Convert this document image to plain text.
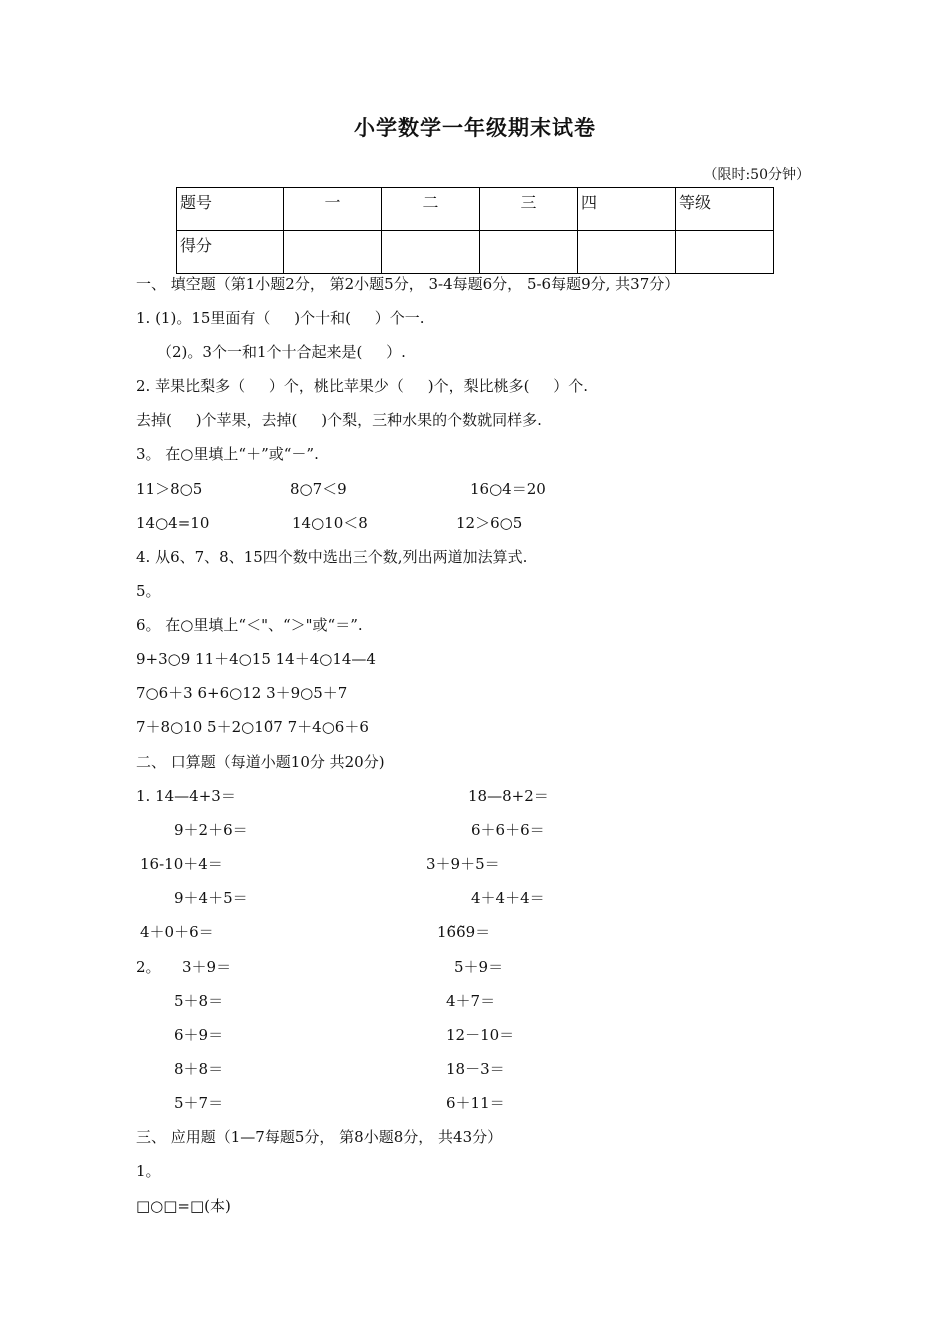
小学数学一年级期末试卷
（限时:50分钟）
题号	一	二	三	四	等级
得分					
一、 填空题（第1小题2分， 第2小题5分， 3-4每题6分， 5-6每题9分, 共37分）
1. (1)。15里面有（     )个十和(     ）个一.
（2)。3个一和1个十合起来是(     ）.
2. 苹果比梨多（     ）个，桃比苹果少（     )个，梨比桃多(     ）个.
去掉(     )个苹果，去掉(     )个梨，三种水果的个数就同样多.
3。 在○里填上“＋”或“－”.
11＞8○5	8○7＜9	16○4＝20
14○4=10	14○10＜8	12＞6○5
4. 从6、7、8、15四个数中选出三个数,列出两道加法算式.
5。
6。 在○里填上“＜"、“＞"或“＝”.
9+3○9 11＋4○15 14＋4○14—4
7○6＋3 6+6○12 3＋9○5＋7
7＋8○10 5＋2○10̃7 7＋4○6＋6
二、 口算题（每道小题10分 共20分)
1. 14—4+3＝	18—8+2＝
9＋2＋6＝	6＋6＋6＝
16-10＋4＝	3＋9＋5＝
9＋4＋5＝	4＋4＋4＝
4＋0＋6＝	16̃6̃9＝
2。 3＋9＝	5＋9＝
5＋8＝	4＋7＝
6＋9＝	12－10＝
8＋8＝	18－3＝
5＋7＝	6＋11＝
三、 应用题（1—7每题5分， 第8小题8分， 共43分）
1。
□○□=□(本)
